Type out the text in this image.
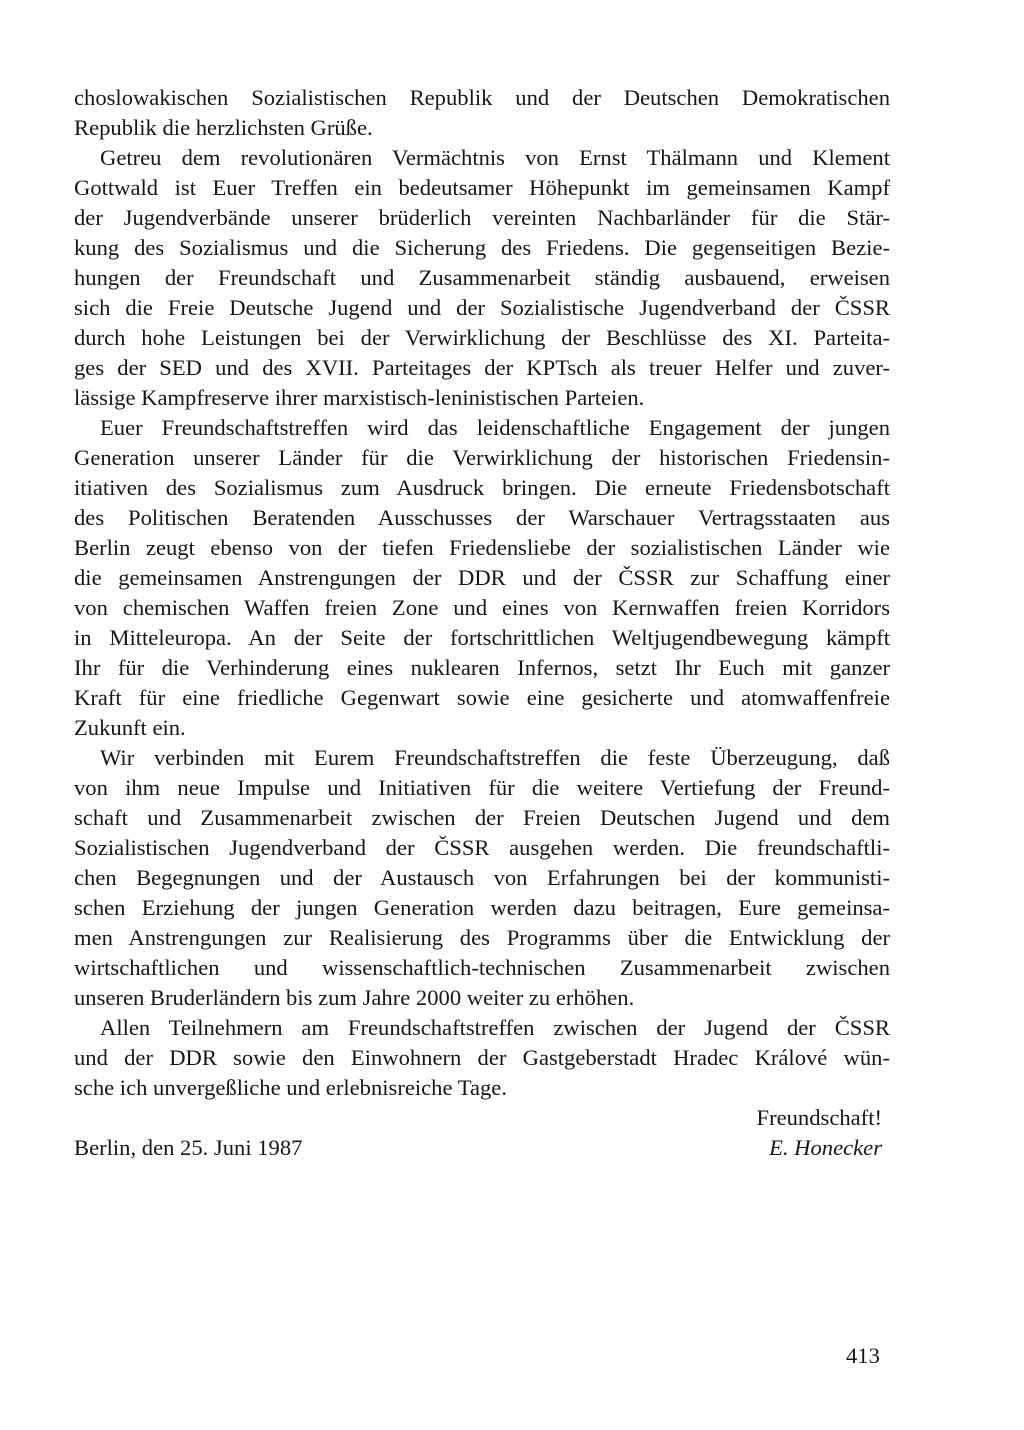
choslowakischen Sozialistischen Republik und der Deutschen Demokratischen
Republik die herzlichsten Grüße.
Getreu dem revolutionären Vermächtnis von Ernst Thälmann und Klement
Gottwald ist Euer Treffen ein bedeutsamer Höhepunkt im gemeinsamen Kampf
der Jugendverbände unserer brüderlich vereinten Nachbarländer für die Stär-
kung des Sozialismus und die Sicherung des Friedens. Die gegenseitigen Bezie-
hungen der Freundschaft und Zusammenarbeit ständig ausbauend, erweisen
sich die Freie Deutsche Jugend und der Sozialistische Jugendverband der ČSSR
durch hohe Leistungen bei der Verwirklichung der Beschlüsse des XI. Parteita-
ges der SED und des XVII. Parteitages der KPTsch als treuer Helfer und zuver-
lässige Kampfreserve ihrer marxistisch-leninistischen Parteien.
Euer Freundschaftstreffen wird das leidenschaftliche Engagement der jungen
Generation unserer Länder für die Verwirklichung der historischen Friedensin-
itiativen des Sozialismus zum Ausdruck bringen. Die erneute Friedensbotschaft
des Politischen Beratenden Ausschusses der Warschauer Vertragsstaaten aus
Berlin zeugt ebenso von der tiefen Friedensliebe der sozialistischen Länder wie
die gemeinsamen Anstrengungen der DDR und der ČSSR zur Schaffung einer
von chemischen Waffen freien Zone und eines von Kernwaffen freien Korridors
in Mitteleuropa. An der Seite der fortschrittlichen Weltjugendbewegung kämpft
Ihr für die Verhinderung eines nuklearen Infernos, setzt Ihr Euch mit ganzer
Kraft für eine friedliche Gegenwart sowie eine gesicherte und atomwaffenfreie
Zukunft ein.
Wir verbinden mit Eurem Freundschaftstreffen die feste Überzeugung, daß
von ihm neue Impulse und Initiativen für die weitere Vertiefung der Freund-
schaft und Zusammenarbeit zwischen der Freien Deutschen Jugend und dem
Sozialistischen Jugendverband der ČSSR ausgehen werden. Die freundschaftli-
chen Begegnungen und der Austausch von Erfahrungen bei der kommunisti-
schen Erziehung der jungen Generation werden dazu beitragen, Eure gemeinsa-
men Anstrengungen zur Realisierung des Programms über die Entwicklung der
wirtschaftlichen und wissenschaftlich-technischen Zusammenarbeit zwischen
unseren Bruderländern bis zum Jahre 2000 weiter zu erhöhen.
Allen Teilnehmern am Freundschaftstreffen zwischen der Jugend der ČSSR
und der DDR sowie den Einwohnern der Gastgeberstadt Hradec Králové wün-
sche ich unvergeßliche und erlebnisreiche Tage.
Freundschaft!
Berlin, den 25. Juni 1987	E. Honecker
413
